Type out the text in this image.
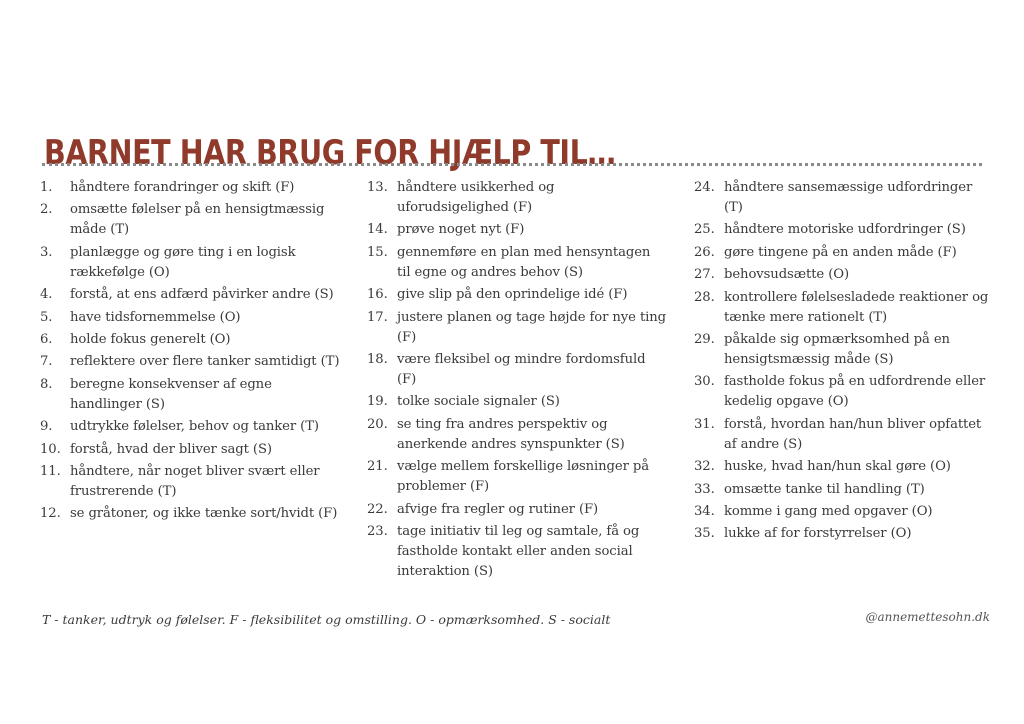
BARNET HAR BRUG FOR HJÆLP TIL…
1.	håndtere forandringer og skift (F)
2.	omsætte følelser på en hensigtmæssig måde (T)
3.	planlægge og gøre ting i en logisk rækkefølge (O)
4.	forstå, at ens adfærd påvirker andre (S)
5.	have tidsfornemmelse (O)
6.	holde fokus generelt (O)
7.	reflektere over flere tanker samtidigt (T)
8.	beregne konsekvenser af egne handlinger (S)
9.	udtrykke følelser, behov og tanker (T)
10. forstå, hvad der bliver sagt (S)
11. håndtere, når noget bliver svært eller frustrerende (T)
12. se gråtoner, og ikke tænke sort/hvidt (F)
13. håndtere usikkerhed og uforudsigelighed (F)
14. prøve noget nyt (F)
15. gennemføre en plan med hensyntagen til egne og andres behov (S)
16. give slip på den oprindelige idé (F)
17. justere planen og tage højde for nye ting (F)
18. være fleksibel og mindre fordomsfuld (F)
19. tolke sociale signaler (S)
20. se ting fra andres perspektiv og anerkende andres synspunkter (S)
21. vælge mellem forskellige løsninger på problemer (F)
22. afvige fra regler og rutiner (F)
23. tage initiativ til leg og samtale, få og fastholde kontakt eller anden social interaktion (S)
24. håndtere sansemæssige udfordringer (T)
25. håndtere motoriske udfordringer (S)
26. gøre tingene på en anden måde (F)
27. behovsudsætte (O)
28. kontrollere følelsesladede reaktioner og tænke mere rationelt (T)
29. påkalde sig opmærksomhed på en hensigtsmæssig måde (S)
30. fastholde fokus på en udfordrende eller kedelig opgave (O)
31. forstå, hvordan han/hun bliver opfattet af andre (S)
32. huske, hvad han/hun skal gøre (O)
33. omsætte tanke til handling (T)
34. komme i gang med opgaver (O)
35. lukke af for forstyrrelser (O)
T - tanker, udtryk og følelser. F - fleksibilitet og omstilling. O - opmærksomhed. S - socialt	@annemettesohn.dk
